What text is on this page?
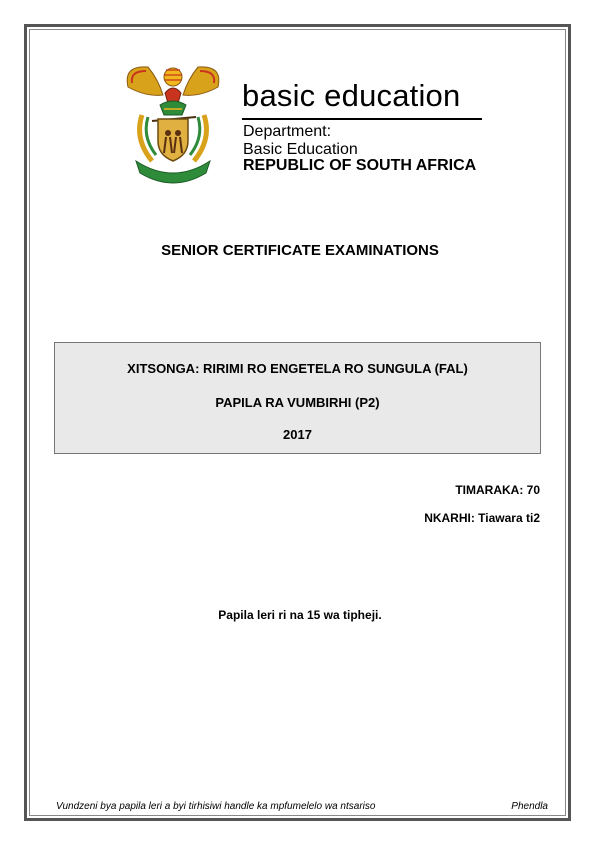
basic education
Department:
Basic Education
REPUBLIC OF SOUTH AFRICA
SENIOR CERTIFICATE EXAMINATIONS
XITSONGA: RIRIMI RO ENGETELA RO SUNGULA (FAL)
PAPILA RA VUMBIRHI (P2)
2017
TIMARAKA: 70
NKARHI: Tiawara ti2
Papila leri ri na 15 wa tipheji.
Vundzeni bya papila leri a byi tirhisiwi handle ka mpfumelelo wa ntsariso	Phendla
